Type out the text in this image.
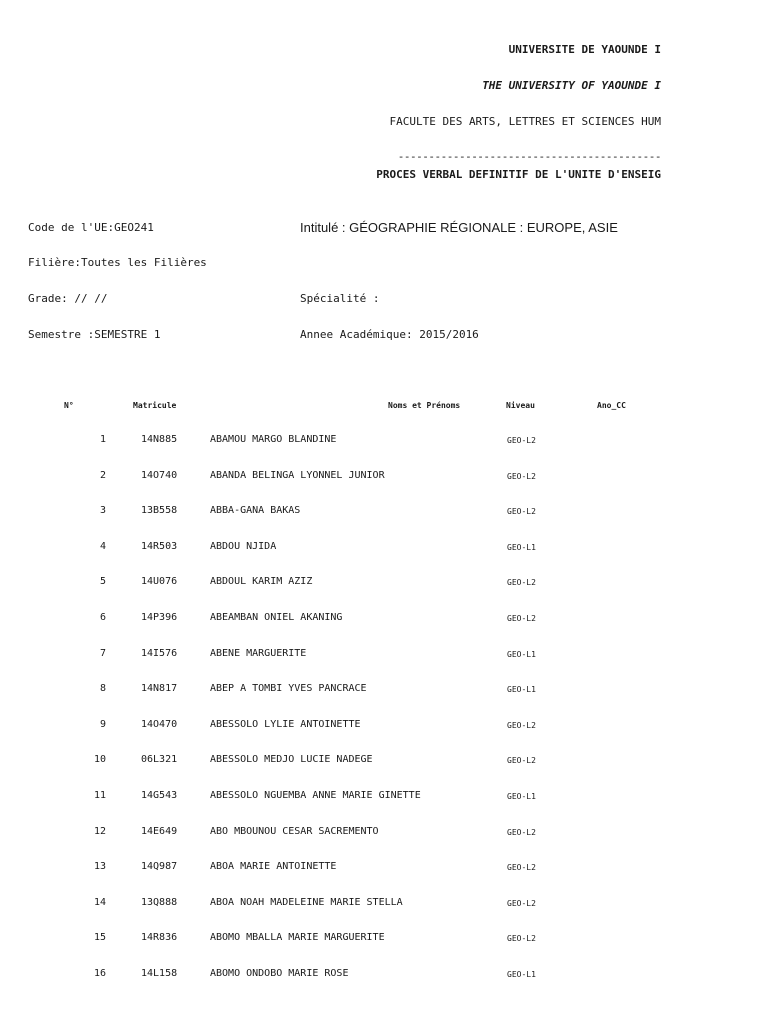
UNIVERSITE DE YAOUNDE I
THE UNIVERSITY OF YAOUNDE I
FACULTE DES ARTS, LETTRES ET SCIENCES HUM
-------------------------------------------
PROCES VERBAL DEFINITIF DE L'UNITE D'ENSEIG
Code de l'UE:GEO241	Intitulé : GÉOGRAPHIE RÉGIONALE : EUROPE, ASIE
Filière:Toutes les Filières
Grade: // //	Spécialité :
Semestre :SEMESTRE 1	Annee Académique: 2015/2016
N°	Matricule	Noms et Prénoms	Niveau	Ano_CC
1	14N885	ABAMOU MARGO BLANDINE	GEO-L2
2	14O740	ABANDA BELINGA LYONNEL JUNIOR	GEO-L2
3	13B558	ABBA-GANA BAKAS	GEO-L2
4	14R503	ABDOU NJIDA	GEO-L1
5	14U076	ABDOUL KARIM AZIZ	GEO-L2
6	14P396	ABEAMBAN ONIEL AKANING	GEO-L2
7	14I576	ABENE MARGUERITE	GEO-L1
8	14N817	ABEP A TOMBI YVES PANCRACE	GEO-L1
9	14O470	ABESSOLO LYLIE ANTOINETTE	GEO-L2
10	06L321	ABESSOLO MEDJO LUCIE NADEGE	GEO-L2
11	14G543	ABESSOLO NGUEMBA ANNE MARIE GINETTE	GEO-L1
12	14E649	ABO MBOUNOU CESAR SACREMENTO	GEO-L2
13	14Q987	ABOA MARIE ANTOINETTE	GEO-L2
14	13Q888	ABOA NOAH MADELEINE MARIE STELLA	GEO-L2
15	14R836	ABOMO MBALLA MARIE MARGUERITE	GEO-L2
16	14L158	ABOMO ONDOBO MARIE ROSE	GEO-L1
